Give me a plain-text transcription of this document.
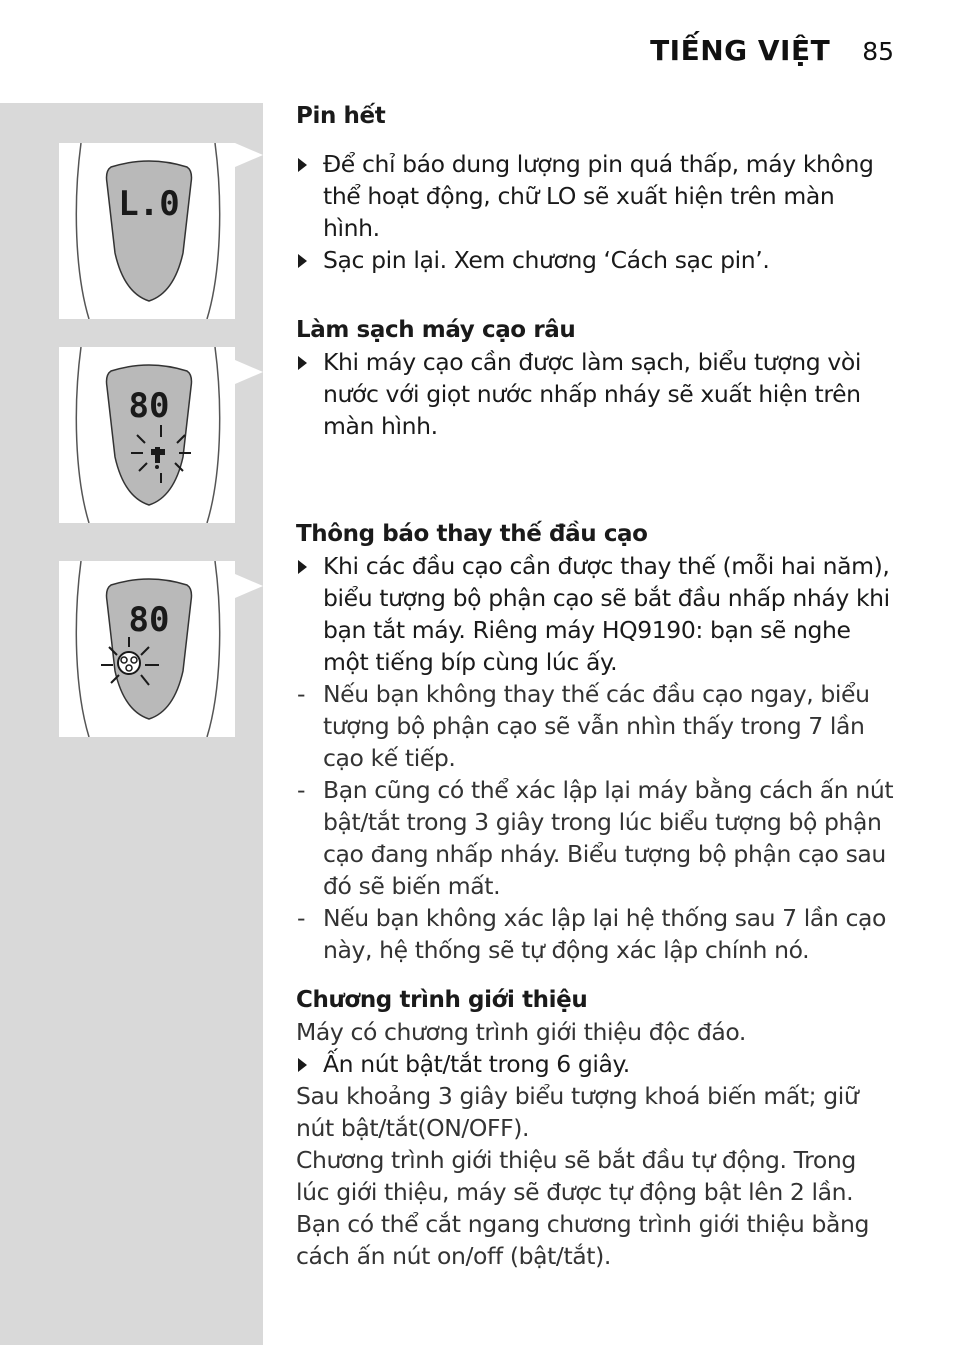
TIẾNG VIỆT 85
L.0
80
80

Pin hết

Để chỉ báo dung lượng pin quá thấp, máy không thể hoạt động, chữ LO sẽ xuất hiện trên màn hình.

Sạc pin lại. Xem chương ‘Cách sạc pin’.

Làm sạch máy cạo râu

Khi máy cạo cần được làm sạch, biểu tượng vòi nước với giọt nước nhấp nháy sẽ xuất hiện trên màn hình.

Thông báo thay thế đầu cạo

Khi các đầu cạo cần được thay thế (mỗi hai năm), biểu tượng bộ phận cạo sẽ bắt đầu nhấp nháy khi bạn tắt máy. Riêng máy HQ9190: bạn sẽ nghe một tiếng bíp cùng lúc ấy.

- Nếu bạn không thay thế các đầu cạo ngay, biểu tượng bộ phận cạo sẽ vẫn nhìn thấy trong 7 lần cạo kế tiếp.

- Bạn cũng có thể xác lập lại máy bằng cách ấn nút bật/tắt trong 3 giây trong lúc biểu tượng bộ phận cạo đang nhấp nháy. Biểu tượng bộ phận cạo sau đó sẽ biến mất.

- Nếu bạn không xác lập lại hệ thống sau 7 lần cạo này, hệ thống sẽ tự động xác lập chính nó.

Chương trình giới thiệu

Máy có chương trình giới thiệu độc đáo.

Ấn nút bật/tắt trong 6 giây.

Sau khoảng 3 giây biểu tượng khoá biến mất; giữ nút bật/tắt(ON/OFF).

Chương trình giới thiệu sẽ bắt đầu tự động. Trong lúc giới thiệu, máy sẽ được tự động bật lên 2 lần. Bạn có thể cắt ngang chương trình giới thiệu bằng cách ấn nút on/off (bật/tắt).
